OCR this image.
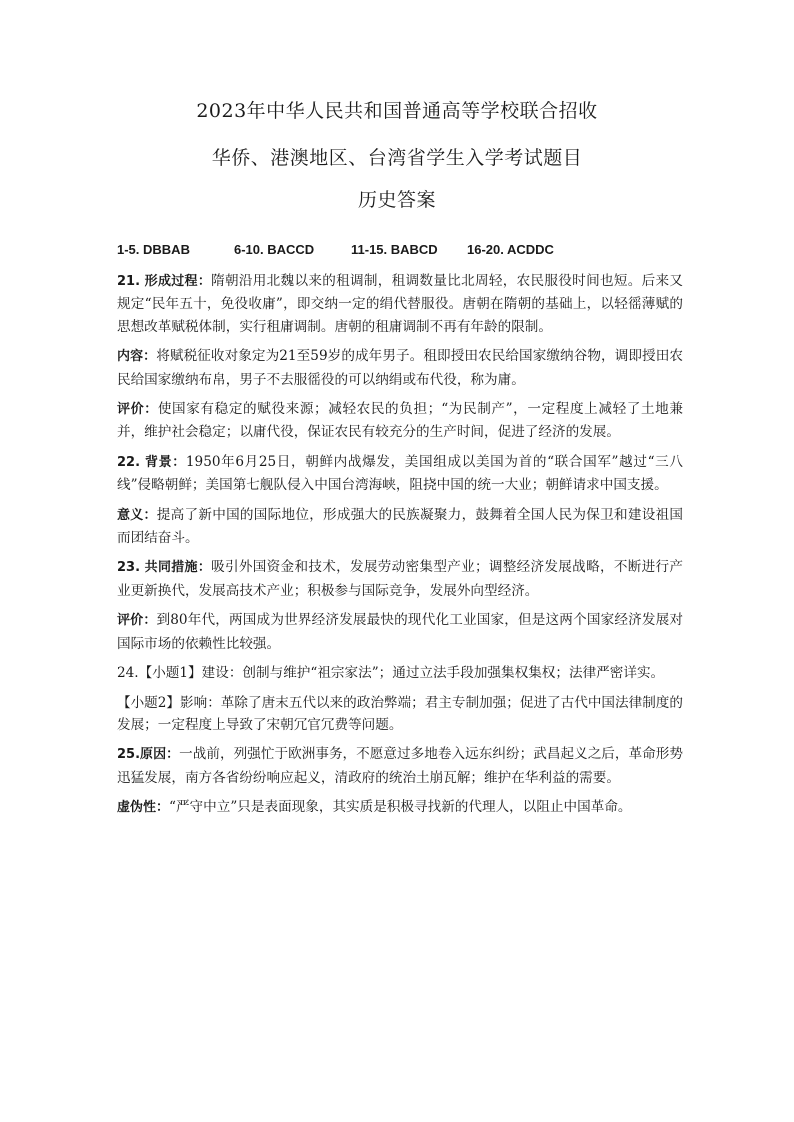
2023年中华人民共和国普通高等学校联合招收
华侨、港澳地区、台湾省学生入学考试题目
历史答案
1-5. DBBAB	6-10. BACCD	11-15. BABCD 16-20. ACDDC

21. 形成过程：隋朝沿用北魏以来的租调制，租调数量比北周轻，农民服役时间也短。后来又规定“民年五十，免役收庸”，即交纳一定的绢代替服役。唐朝在隋朝的基础上，以轻徭薄赋的思想改革赋税体制，实行租庸调制。唐朝的租庸调制不再有年龄的限制。

内容：将赋税征收对象定为21至59岁的成年男子。租即授田农民给国家缴纳谷物，调即授田农民给国家缴纳布帛，男子不去服徭役的可以纳绢或布代役，称为庸。

评价：使国家有稳定的赋役来源；减轻农民的负担；“为民制产”，一定程度上减轻了土地兼并，维护社会稳定；以庸代役，保证农民有较充分的生产时间，促进了经济的发展。

22. 背景：1950年6月25日，朝鲜内战爆发，美国组成以美国为首的“联合国军”越过“三八线”侵略朝鲜；美国第七舰队侵入中国台湾海峡，阻挠中国的统一大业；朝鲜请求中国支援。

意义：提高了新中国的国际地位，形成强大的民族凝聚力，鼓舞着全国人民为保卫和建设祖国而团结奋斗。

23. 共同措施：吸引外国资金和技术，发展劳动密集型产业；调整经济发展战略，不断进行产业更新换代，发展高技术产业；积极参与国际竞争，发展外向型经济。

评价：到80年代，两国成为世界经济发展最快的现代化工业国家，但是这两个国家经济发展对国际市场的依赖性比较强。

24.【小题1】建设：创制与维护“祖宗家法”；通过立法手段加强集权集权；法律严密详实。

【小题2】影响：革除了唐末五代以来的政治弊端；君主专制加强；促进了古代中国法律制度的发展；一定程度上导致了宋朝冗官冗费等问题。

25.原因：一战前，列强忙于欧洲事务，不愿意过多地卷入远东纠纷；武昌起义之后，革命形势迅猛发展，南方各省纷纷响应起义，清政府的统治土崩瓦解；维护在华利益的需要。

虚伪性：“严守中立”只是表面现象，其实质是积极寻找新的代理人，以阻止中国革命。
